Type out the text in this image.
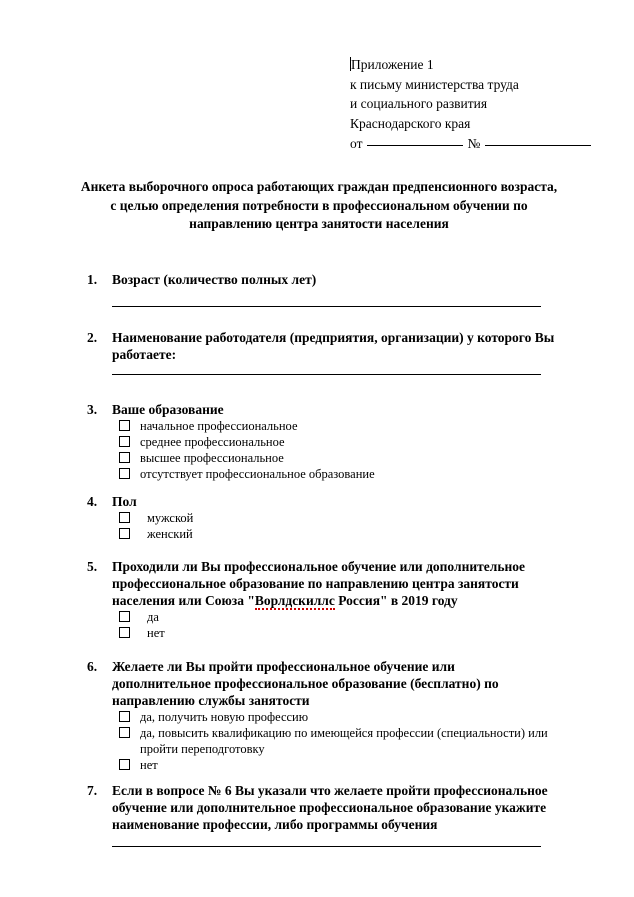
Приложение 1
к письму министерства труда
и социального развития
Краснодарского края
от	№
Анкета выборочного опроса работающих граждан предпенсионного возраста, с целью определения потребности в профессиональном обучении по направлению центра занятости населения
1. Возраст (количество полных лет)
2. Наименование работодателя (предприятия, организации) у которого Вы работаете:
3. Ваше образование
начальное профессиональное
среднее профессиональное
высшее профессиональное
отсутствует профессиональное образование
4. Пол
мужской
женский
5. Проходили ли Вы профессиональное обучение или дополнительное профессиональное образование по направлению центра занятости населения или Союза "Ворлдскиллс Россия" в 2019 году
да
нет
6. Желаете ли Вы пройти профессиональное обучение или дополнительное профессиональное образование (бесплатно) по направлению службы занятости
да, получить новую профессию
да, повысить квалификацию по имеющейся профессии (специальности) или пройти переподготовку
нет
7. Если в вопросе № 6 Вы указали что желаете пройти профессиональное обучение или дополнительное профессиональное образование укажите наименование профессии, либо программы обучения
